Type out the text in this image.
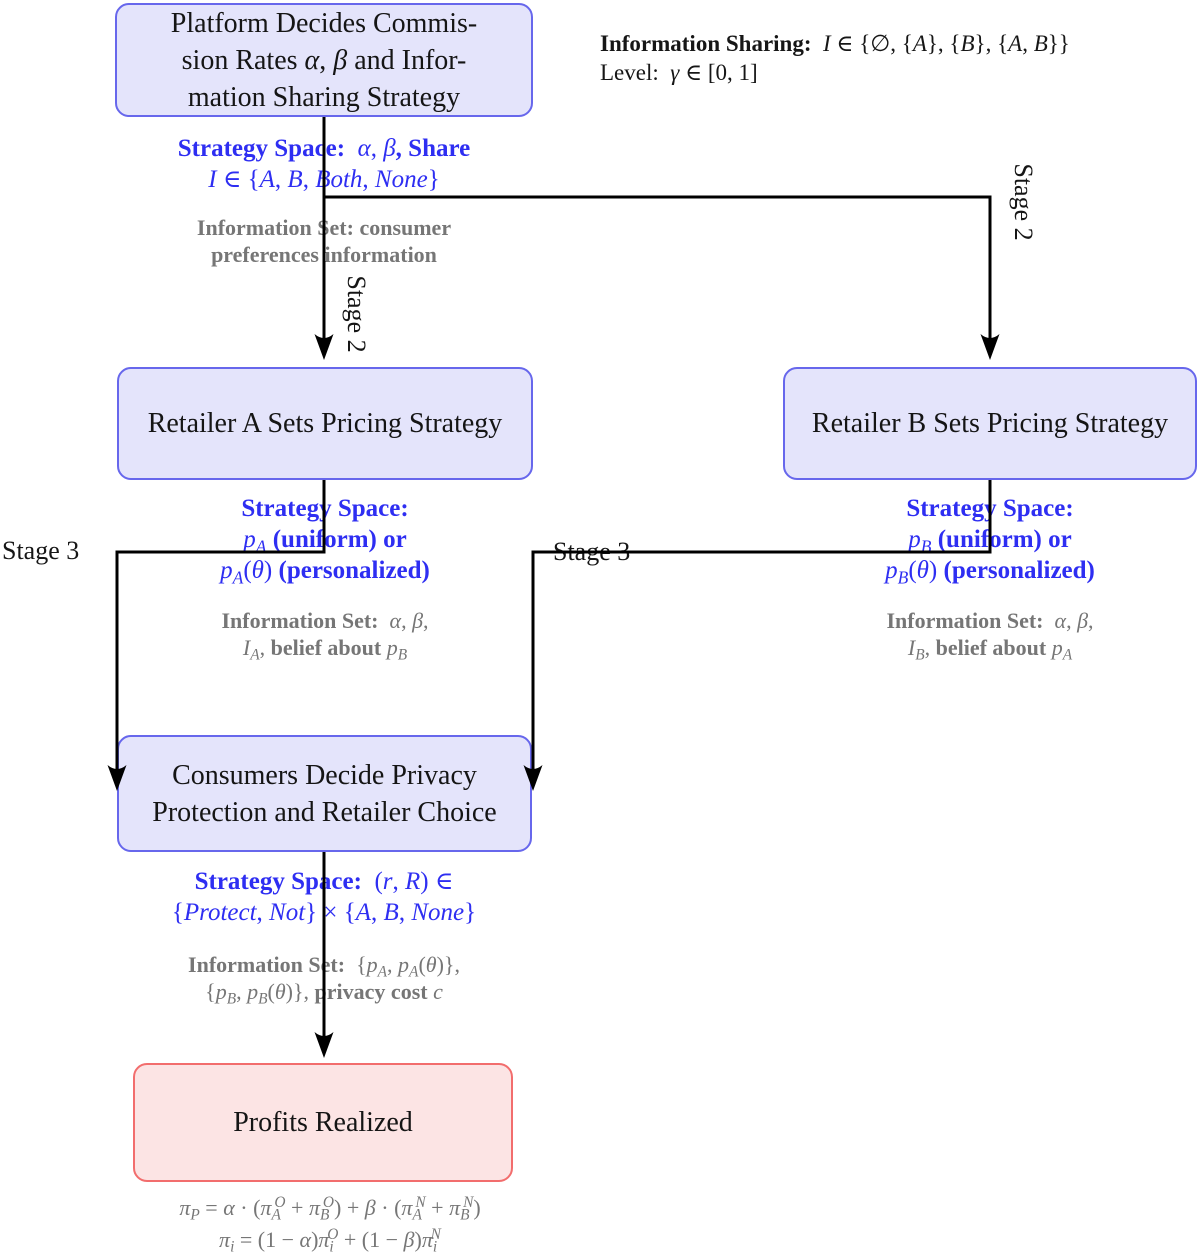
Platform Decides Commis-
sion Rates α, β and Infor-
mation Sharing Strategy
Retailer A Sets Pricing Strategy	Retailer B Sets Pricing Strategy
Consumers Decide Privacy
Protection and Retailer Choice
Profits Realized
Information Sharing:  I ∈ {∅, {A}, {B}, {A, B}}
Level: γ ∈ [0, 1]
Strategy Space:  α, β, Share
I ∈ {A, B, Both, None}
Information Set: consumer
preferences information
Strategy Space:
$p_A$ (uniform) or
$p_A(\theta)$ (personalized)
Information Set:  α, β,
$I_A$, belief about $p_B$
Strategy Space:
$p_B$ (uniform) or
$p_B(\theta)$ (personalized)
Information Set:  α, β,
$I_B$, belief about $p_A$
Strategy Space: (r, R) ∈
{Protect, Not} × {A, B, None}
Information Set: {$p_A$, $p_A(\theta)$},
{$p_B$, $p_B(\theta)$}, privacy cost c
$\pi_P = \alpha \cdot (\pi_A^O + \pi_B^O) + \beta \cdot (\pi_A^N + \pi_B^N)$
$\pi_i = (1 - \alpha)\pi_i^O + (1 - \beta)\pi_i^N$
Stage 2
Stage 2
Stage 3	Stage 3
